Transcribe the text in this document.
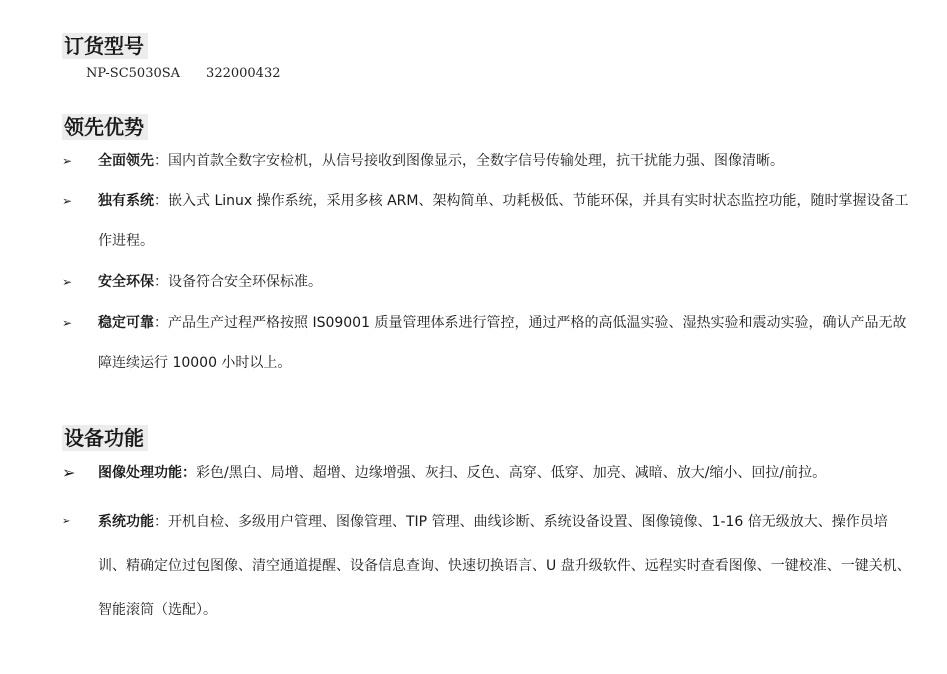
订货型号
NP-SC5030SA 322000432
领先优势
➢	全面领先：国内首款全数字安检机，从信号接收到图像显示，全数字信号传输处理，抗干扰能力强、图像清晰。
➢	独有系统：嵌入式 Linux 操作系统，采用多核 ARM、架构简单、功耗极低、节能环保，并具有实时状态监控功能，随时掌握设备工作进程。
➢	安全环保：设备符合安全环保标准。
➢	稳定可靠：产品生产过程严格按照 IS09001 质量管理体系进行管控，通过严格的高低温实验、湿热实验和震动实验，确认产品无故障连续运行 10000 小时以上。
设备功能
➢	图像处理功能：彩色/黑白、局增、超增、边缘增强、灰扫、反色、高穿、低穿、加亮、减暗、放大/缩小、回拉/前拉。
➢	系统功能：开机自检、多级用户管理、图像管理、TIP 管理、曲线诊断、系统设备设置、图像镜像、1-16 倍无级放大、操作员培训、精确定位过包图像、清空通道提醒、设备信息查询、快速切换语言、U 盘升级软件、远程实时查看图像、一键校准、一键关机、智能滚筒（选配）。
